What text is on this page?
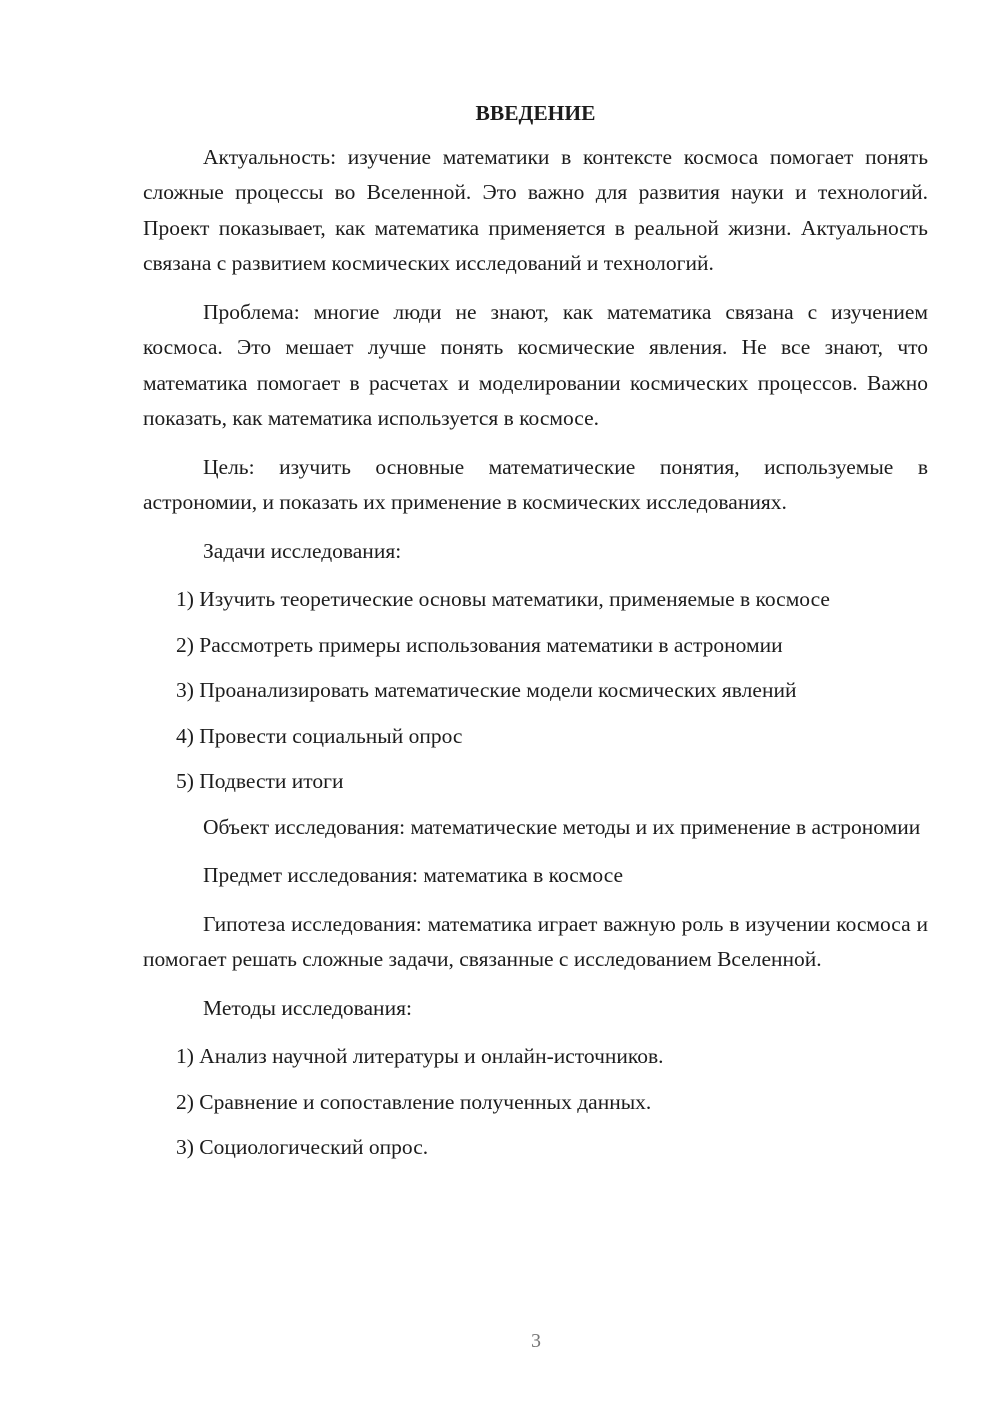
ВВЕДЕНИЕ

Актуальность: изучение математики в контексте космоса помогает понять сложные процессы во Вселенной. Это важно для развития науки и технологий. Проект показывает, как математика применяется в реальной жизни. Актуальность связана с развитием космических исследований и технологий.

Проблема: многие люди не знают, как математика связана с изучением космоса. Это мешает лучше понять космические явления. Не все знают, что математика помогает в расчетах и моделировании космических процессов. Важно показать, как математика используется в космосе.

Цель: изучить основные математические понятия, используемые в астрономии, и показать их применение в космических исследованиях.

Задачи исследования:

1) Изучить теоретические основы математики, применяемые в космосе

2) Рассмотреть примеры использования математики в астрономии

3) Проанализировать математические модели космических явлений

4) Провести социальный опрос

5) Подвести итоги

Объект исследования: математические методы и их применение в астрономии

Предмет исследования: математика в космосе

Гипотеза исследования: математика играет важную роль в изучении космоса и помогает решать сложные задачи, связанные с исследованием Вселенной.

Методы исследования:

1) Анализ научной литературы и онлайн-источников.

2) Сравнение и сопоставление полученных данных.

3) Социологический опрос.

3
